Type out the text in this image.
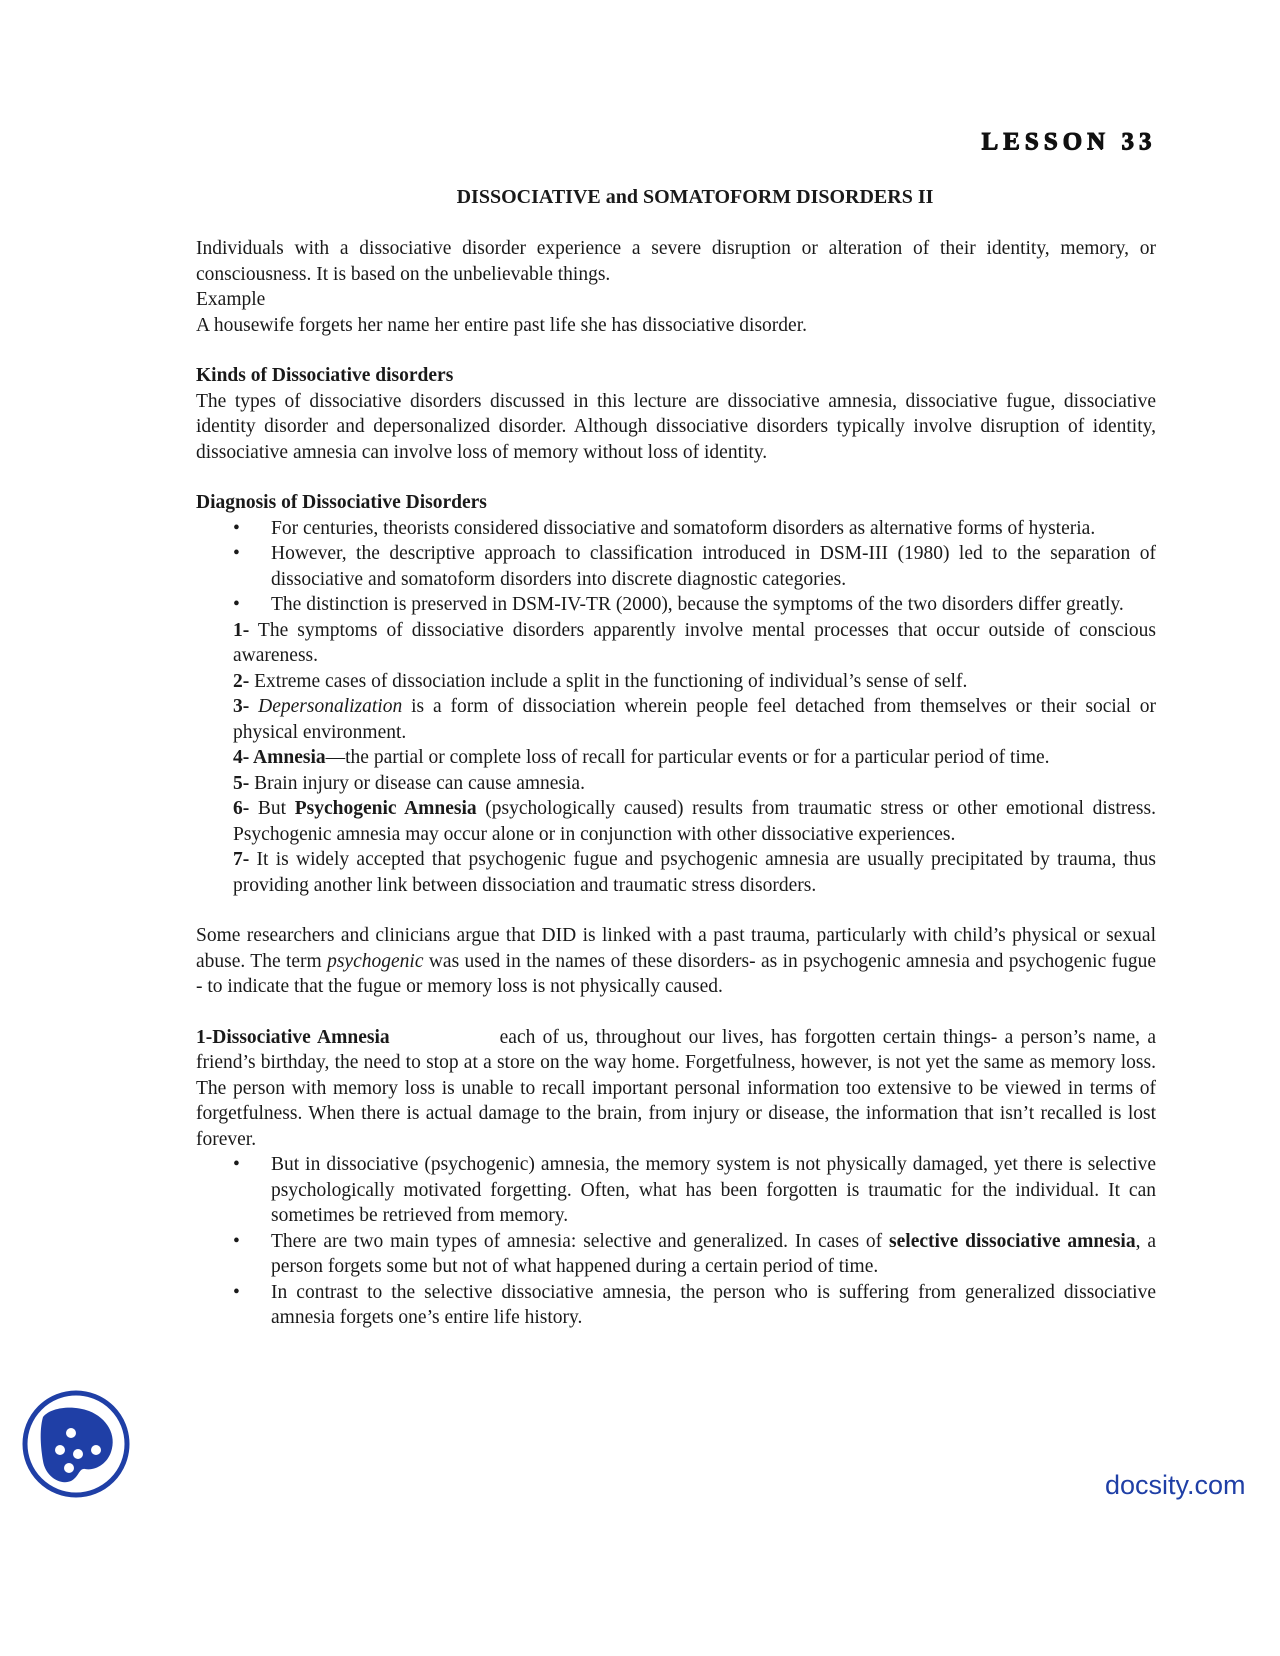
LESSON 33
DISSOCIATIVE and SOMATOFORM DISORDERS II

Individuals with a dissociative disorder experience a severe disruption or alteration of their identity, memory, or consciousness. It is based on the unbelievable things.

Example

A housewife forgets her name her entire past life she has dissociative disorder.

Kinds of Dissociative disorders

The types of dissociative disorders discussed in this lecture are dissociative amnesia, dissociative fugue, dissociative identity disorder and depersonalized disorder. Although dissociative disorders typically involve disruption of identity, dissociative amnesia can involve loss of memory without loss of identity.

Diagnosis of Dissociative Disorders

• For centuries, theorists considered dissociative and somatoform disorders as alternative forms of hysteria.
• However, the descriptive approach to classification introduced in DSM-III (1980) led to the separation of dissociative and somatoform disorders into discrete diagnostic categories.
• The distinction is preserved in DSM-IV-TR (2000), because the symptoms of the two disorders differ greatly.

1- The symptoms of dissociative disorders apparently involve mental processes that occur outside of conscious awareness.

2- Extreme cases of dissociation include a split in the functioning of individual’s sense of self.

3- Depersonalization is a form of dissociation wherein people feel detached from themselves or their social or physical environment.

4- Amnesia—the partial or complete loss of recall for particular events or for a particular period of time.

5- Brain injury or disease can cause amnesia.

6- But Psychogenic Amnesia (psychologically caused) results from traumatic stress or other emotional distress. Psychogenic amnesia may occur alone or in conjunction with other dissociative experiences.

7- It is widely accepted that psychogenic fugue and psychogenic amnesia are usually precipitated by trauma, thus providing another link between dissociation and traumatic stress disorders.

Some researchers and clinicians argue that DID is linked with a past trauma, particularly with child’s physical or sexual abuse. The term psychogenic was used in the names of these disorders- as in psychogenic amnesia and psychogenic fugue - to indicate that the fugue or memory loss is not physically caused.

1-Dissociative Amnesia	each of us, throughout our lives, has forgotten certain things- a person’s name, a friend’s birthday, the need to stop at a store on the way home. Forgetfulness, however, is not yet the same as memory loss. The person with memory loss is unable to recall important personal information too extensive to be viewed in terms of forgetfulness. When there is actual damage to the brain, from injury or disease, the information that isn’t recalled is lost forever.

• But in dissociative (psychogenic) amnesia, the memory system is not physically damaged, yet there is selective psychologically motivated forgetting. Often, what has been forgotten is traumatic for the individual. It can sometimes be retrieved from memory.
• There are two main types of amnesia: selective and generalized. In cases of selective dissociative amnesia, a person forgets some but not of what happened during a certain period of time.
• In contrast to the selective dissociative amnesia, the person who is suffering from generalized dissociative amnesia forgets one’s entire life history.
docsity.com
